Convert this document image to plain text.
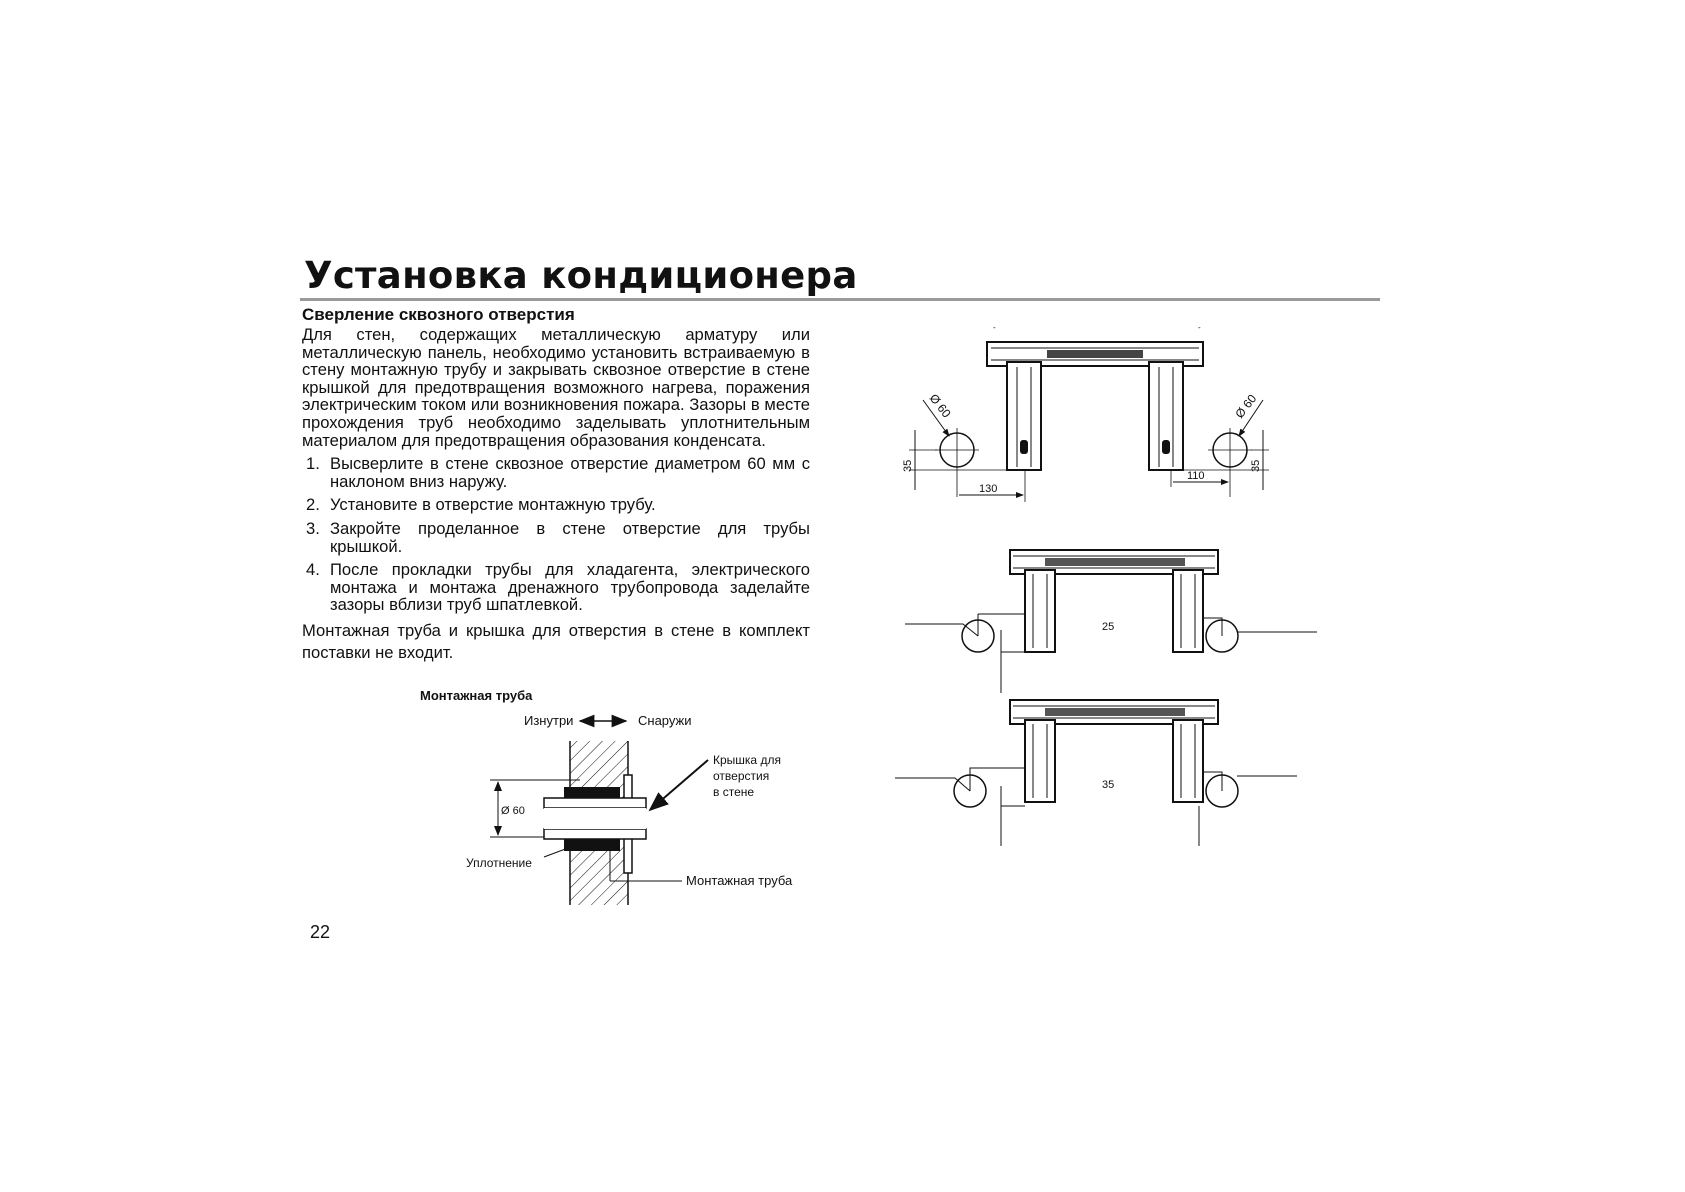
Установка кондиционера
Сверление сквозного отверстия

Для стен, содержащих металлическую арматуру или металлическую панель, необходимо установить встраиваемую в стену монтажную трубу и закрывать сквозное отверстие в стене крышкой для предотвращения возможного нагрева, поражения электрическим током или возникновения пожара. Зазоры в месте прохождения труб необходимо заделывать уплотнительным материалом для предотвращения образования конденсата.

1. Высверлите в стене сквозное отверстие диаметром 60 мм с наклоном вниз наружу.
2. Установите в отверстие монтажную трубу.
3. Закройте проделанное в стене отверстие для трубы крышкой.
4. После прокладки трубы для хладагента, электрического монтажа и монтажа дренажного трубопровода заделайте зазоры вблизи труб шпатлевкой.

Монтажная труба и крышка для отверстия в стене в комплект поставки не входит.

Монтажная труба

Изнутри	Снаружи
Ø 60
Крышка для
отверстия
в стене
Уплотнение
Монтажная труба
-	-
Ø 60	Ø 60
35	35
130
110
25
35
22
